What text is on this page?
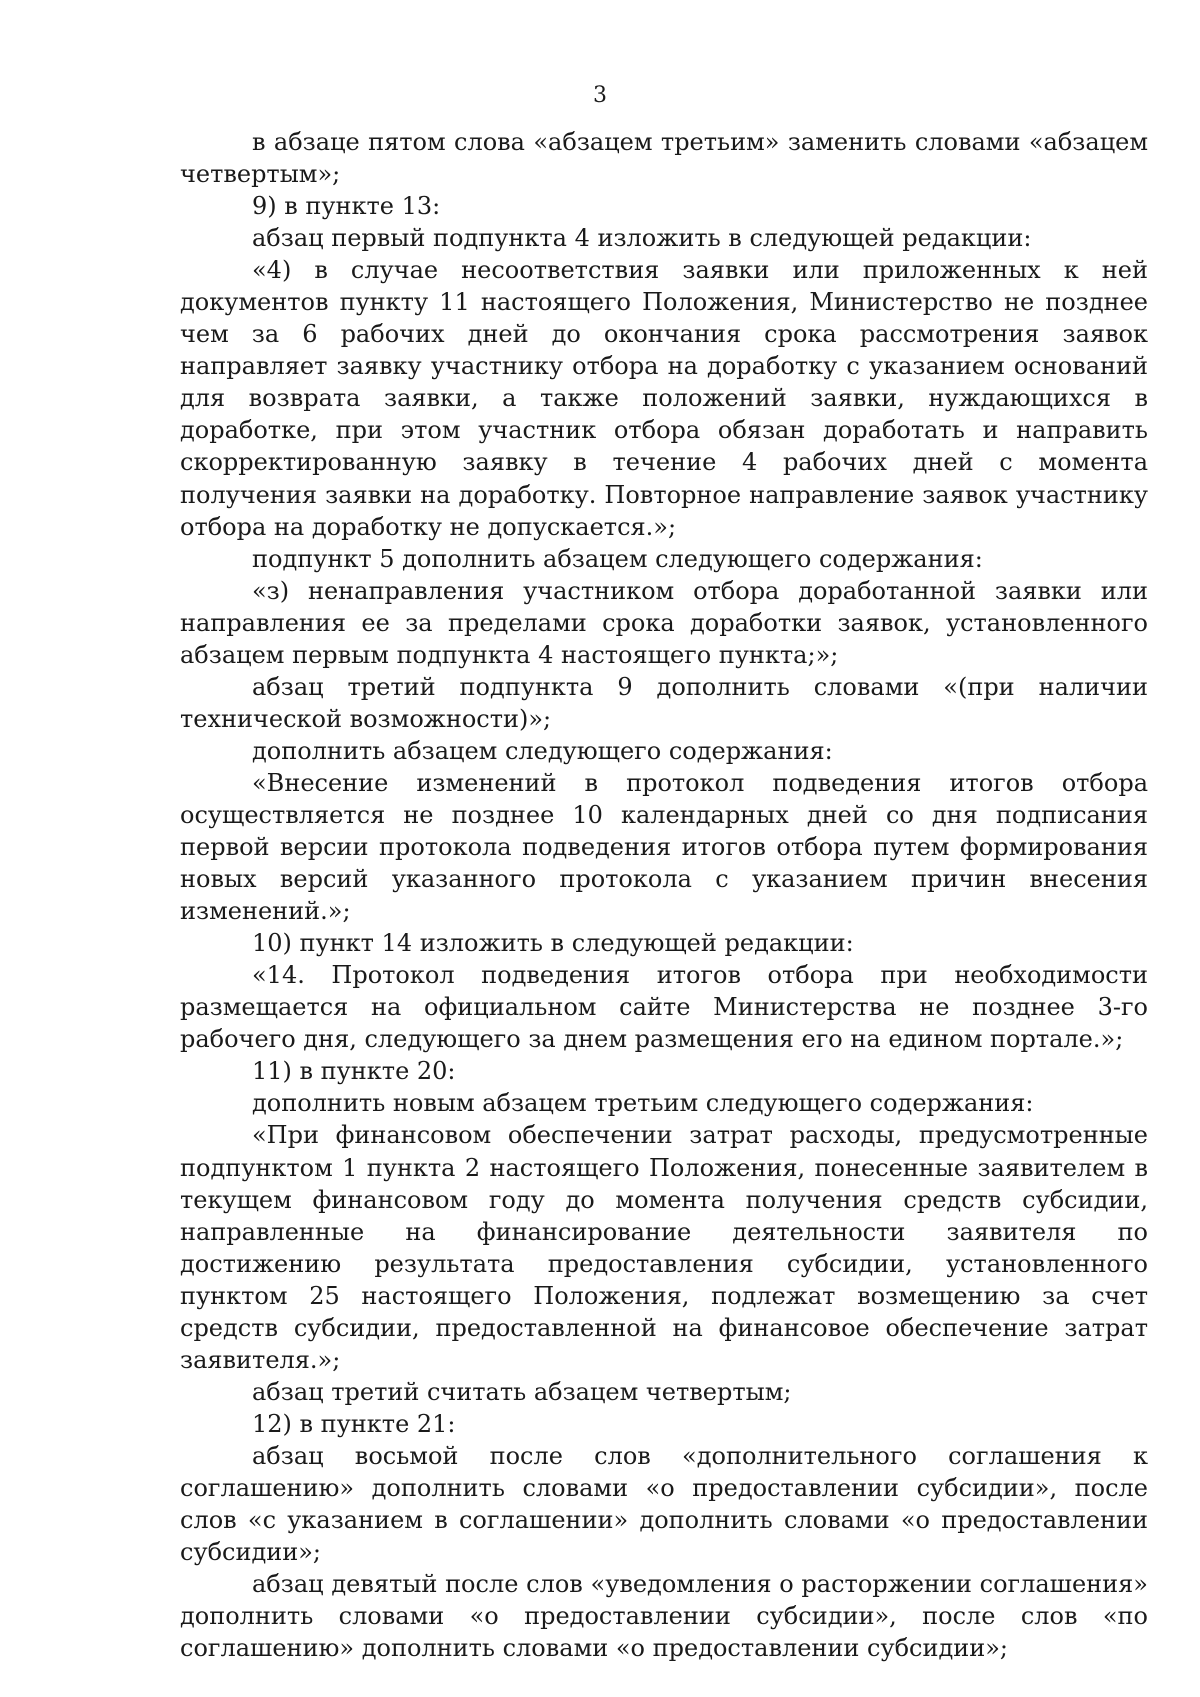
3

в абзаце пятом слова «абзацем третьим» заменить словами «абзацем четвертым»;

9) в пункте 13:

абзац первый подпункта 4 изложить в следующей редакции:

«4) в случае несоответствия заявки или приложенных к ней документов пункту 11 настоящего Положения, Министерство не позднее чем за 6 рабочих дней до окончания срока рассмотрения заявок направляет заявку участнику отбора на доработку с указанием оснований для возврата заявки, а также положений заявки, нуждающихся в доработке, при этом участник отбора обязан доработать и направить скорректированную заявку в течение 4 рабочих дней с момента получения заявки на доработку. Повторное направление заявок участнику отбора на доработку не допускается.»;

подпункт 5 дополнить абзацем следующего содержания:

«з) ненаправления участником отбора доработанной заявки или направления ее за пределами срока доработки заявок, установленного абзацем первым подпункта 4 настоящего пункта;»;

абзац третий подпункта 9 дополнить словами «(при наличии технической возможности)»;

дополнить абзацем следующего содержания:

«Внесение изменений в протокол подведения итогов отбора осуществляется не позднее 10 календарных дней со дня подписания первой версии протокола подведения итогов отбора путем формирования новых версий указанного протокола с указанием причин внесения изменений.»;

10) пункт 14 изложить в следующей редакции:

«14. Протокол подведения итогов отбора при необходимости размещается на официальном сайте Министерства не позднее 3-го рабочего дня, следующего за днем размещения его на едином портале.»;

11) в пункте 20:

дополнить новым абзацем третьим следующего содержания:

«При финансовом обеспечении затрат расходы, предусмотренные подпунктом 1 пункта 2 настоящего Положения, понесенные заявителем в текущем финансовом году до момента получения средств субсидии, направленные на финансирование деятельности заявителя по достижению результата предоставления субсидии, установленного пунктом 25 настоящего Положения, подлежат возмещению за счет средств субсидии, предоставленной на финансовое обеспечение затрат заявителя.»;

абзац третий считать абзацем четвертым;

12) в пункте 21:

абзац восьмой после слов «дополнительного соглашения к соглашению» дополнить словами «о предоставлении субсидии», после слов «с указанием в соглашении» дополнить словами «о предоставлении субсидии»;

абзац девятый после слов «уведомления о расторжении соглашения» дополнить словами «о предоставлении субсидии», после слов «по соглашению» дополнить словами «о предоставлении субсидии»;
